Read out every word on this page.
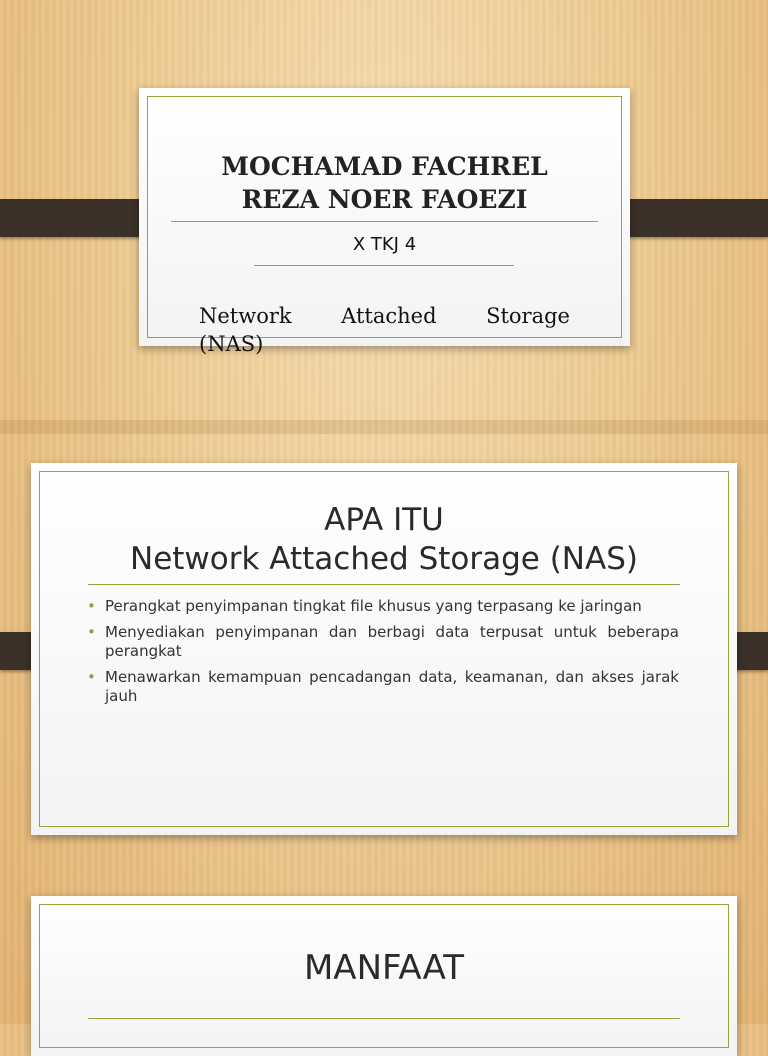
MOCHAMAD FACHREL
REZA NOER FAOEZI
X TKJ 4
Network Attached Storage
(NAS)
APA ITU
Network Attached Storage (NAS)
• Perangkat penyimpanan tingkat file khusus yang terpasang ke jaringan
• Menyediakan penyimpanan dan berbagi data terpusat untuk beberapa perangkat
• Menawarkan kemampuan pencadangan data, keamanan, dan akses jarak jauh
MANFAAT
